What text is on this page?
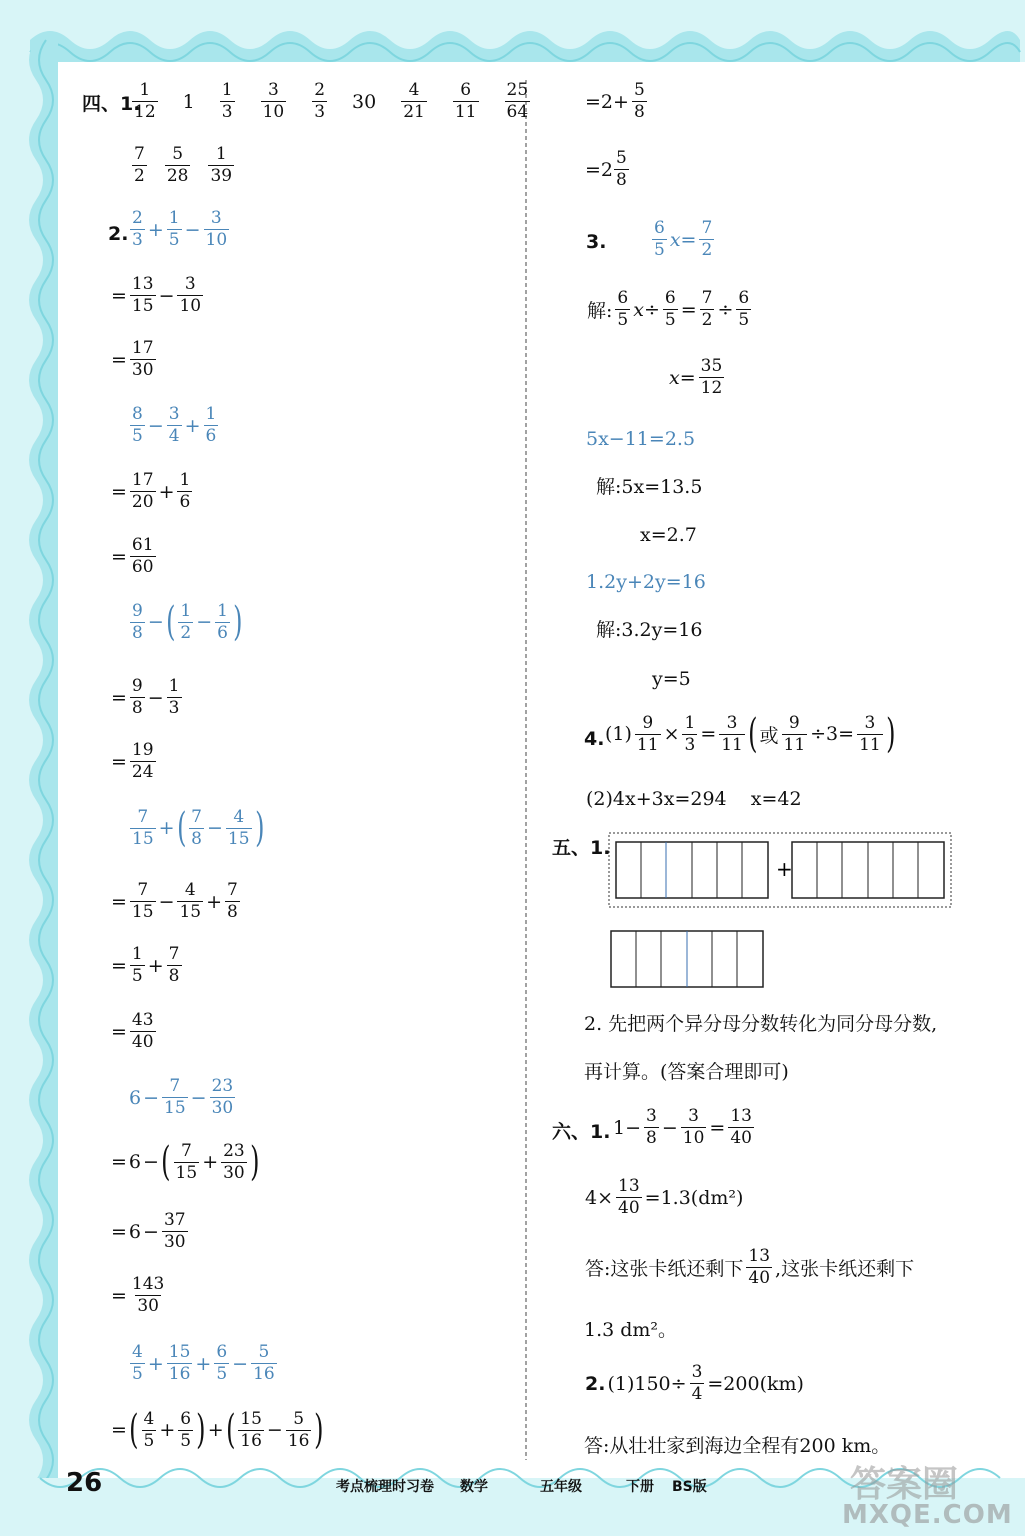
四、1.
1
12 1
1
3
3
10
2
3 30
4
21
6
11
25
64
7
2
5
28
1
39
2.
2
$3 + \frac{1}{5} - \frac{3}{10}$
= $\frac{13}{15} - \frac{3}{10}$
= $\frac{17}{30}$
8
$5 - \frac{3}{4} + \frac{1}{6}$
= $\frac{17}{20} + \frac{1}{6}$
= $\frac{61}{60}$
9
8 − ( 1
$2 - \frac{1}{6}$ )
= $\frac{9}{8} - \frac{1}{3}$
= $\frac{19}{24}$
7
15 + ( 7
$8 - \frac{4}{15}$ )
= $\frac{7}{15} - \frac{4}{15} + \frac{7}{8}$
= $\frac{1}{5} + \frac{7}{8}$
= $\frac{43}{40}$
$6 - \frac{7}{15} - \frac{23}{30}$
= 6 − ( 7
$15 + \frac{23}{30}$ )
= $6 - \frac{37}{30}$
= $\frac{143}{30}$
4
$5 + \frac{15}{16} + \frac{6}{5} - \frac{5}{16}$
= ( 4
$5 + \frac{6}{5}$ ) + ( 15
$16 - \frac{5}{16}$ )
$=2+ \frac{5}{8}$
=2
5
8
3.
6
5 $x= \frac{7}{2}$
解:
6
5 $x\div \frac{6}{5} = \frac{7}{2} \div \frac{6}{5}$
$x= \frac{35}{12}$
5x−11=2.5
解:5x=13.5
x=2.7
1.2y+2y=16
解:3.2y=16
y=5
4. $(1) \frac{9}{11} \times \frac{1}{3} = \frac{3}{11}$ ( 或 $\frac{9}{11} \div 3= \frac{3}{11}$ )
(2)4x+3x=294    x=42
五、1.
+
2. 先把两个异分母分数转化为同分母分数,
再计算。(答案合理即可)
六、1. $1- \frac{3}{8} - \frac{3}{10} = \frac{13}{40}$
$4\times \frac{13}{40} =1.3(dm^2)$
答:这张卡纸还剩下
13
40 ,这张卡纸还剩下
1.3 dm²。
2. $(1)150\div \frac{3}{4} =200(km)$
答:从壮壮家到海边全程有200 km。
26	考点梳理时习卷 数学	五年级	下册 BS版	答案圈
MXQE.COM
